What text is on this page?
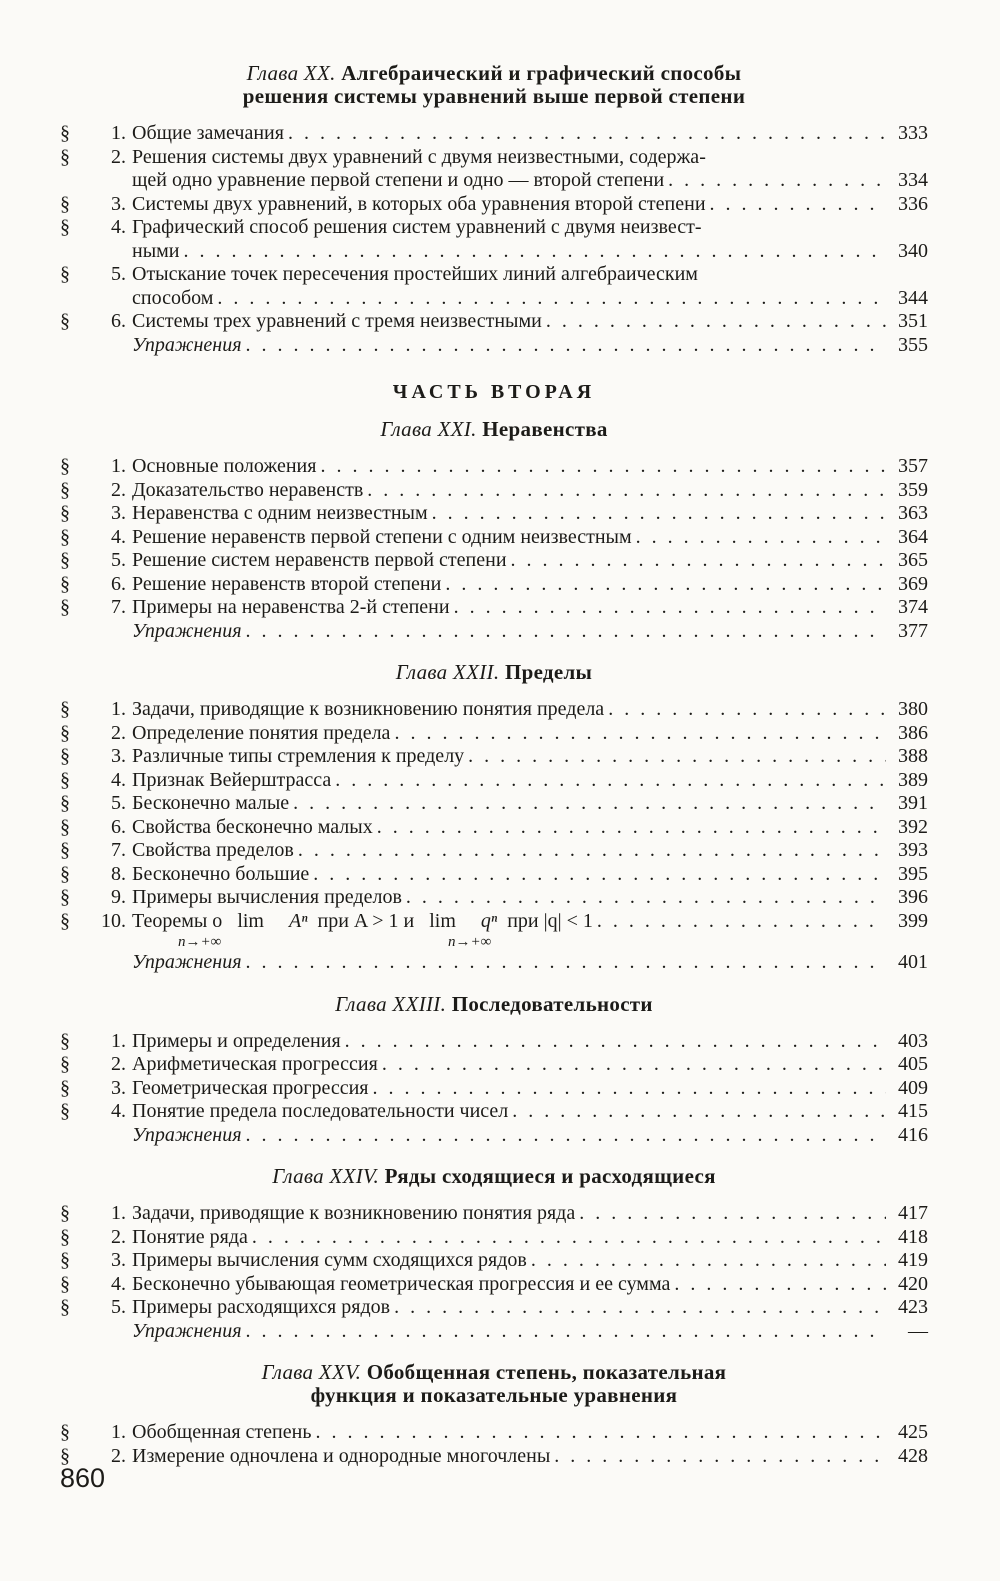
Глава XX. Алгебраический и графический способы
решения системы уравнений выше первой степени
§	1. Общие замечания . . .	333
§	2. Решения системы двух уравнений с двумя неизвестными, содержа-
щей одно уравнение первой степени и одно — второй степени . . .	334
§	3. Системы двух уравнений, в которых оба уравнения второй степени . . .	336
§	4. Графический способ решения систем уравнений с двумя неизвест-
ными . . .	340
§	5. Отыскание точек пересечения простейших линий алгебраическим
способом . . .	344
§	6. Системы трех уравнений с тремя неизвестными . . .	351
Упражнения . . .	355
ЧАСТЬ ВТОРАЯ
Глава XXI. Неравенства
§	1. Основные положения . . .	357
§	2. Доказательство неравенств . . .	359
§	3. Неравенства с одним неизвестным . . .	363
§	4. Решение неравенств первой степени с одним неизвестным . . .	364
§	5. Решение систем неравенств первой степени . . .	365
§	6. Решение неравенств второй степени . . .	369
§	7. Примеры на неравенства 2-й степени . . .	374
Упражнения . . .	377
Глава XXII. Пределы
§	1. Задачи, приводящие к возникновению понятия предела . . .	380
§	2. Определение понятия предела . . .	386
§	3. Различные типы стремления к пределу . . .	388
§	4. Признак Вейерштрасса . . .	389
§	5. Бесконечно малые . . .	391
§	6. Свойства бесконечно малых . . .	392
§	7. Свойства пределов . . .	393
§	8. Бесконечно большие . . .	395
§	9. Примеры вычисления пределов . . .	396
§	10. Теоремы о lim Aⁿ при A > 1 и lim qⁿ при |q| < 1 . . .	399
n→+∞	n→+∞
Упражнения . . .	401
Глава XXIII. Последовательности
§	1. Примеры и определения . . .	403
§	2. Арифметическая прогрессия . . .	405
§	3. Геометрическая прогрессия . . .	409
§	4. Понятие предела последовательности чисел . . .	415
Упражнения . . .	416
Глава XXIV. Ряды сходящиеся и расходящиеся
§	1. Задачи, приводящие к возникновению понятия ряда . . .	417
§	2. Понятие ряда . . .	418
§	3. Примеры вычисления сумм сходящихся рядов . . .	419
§	4. Бесконечно убывающая геометрическая прогрессия и ее сумма . . .	420
§	5. Примеры расходящихся рядов . . .	423
Упражнения . . .	—
Глава XXV. Обобщенная степень, показательная
функция и показательные уравнения
§	1. Обобщенная степень . . .	425
§	2. Измерение одночлена и однородные многочлены . . .	428
860
